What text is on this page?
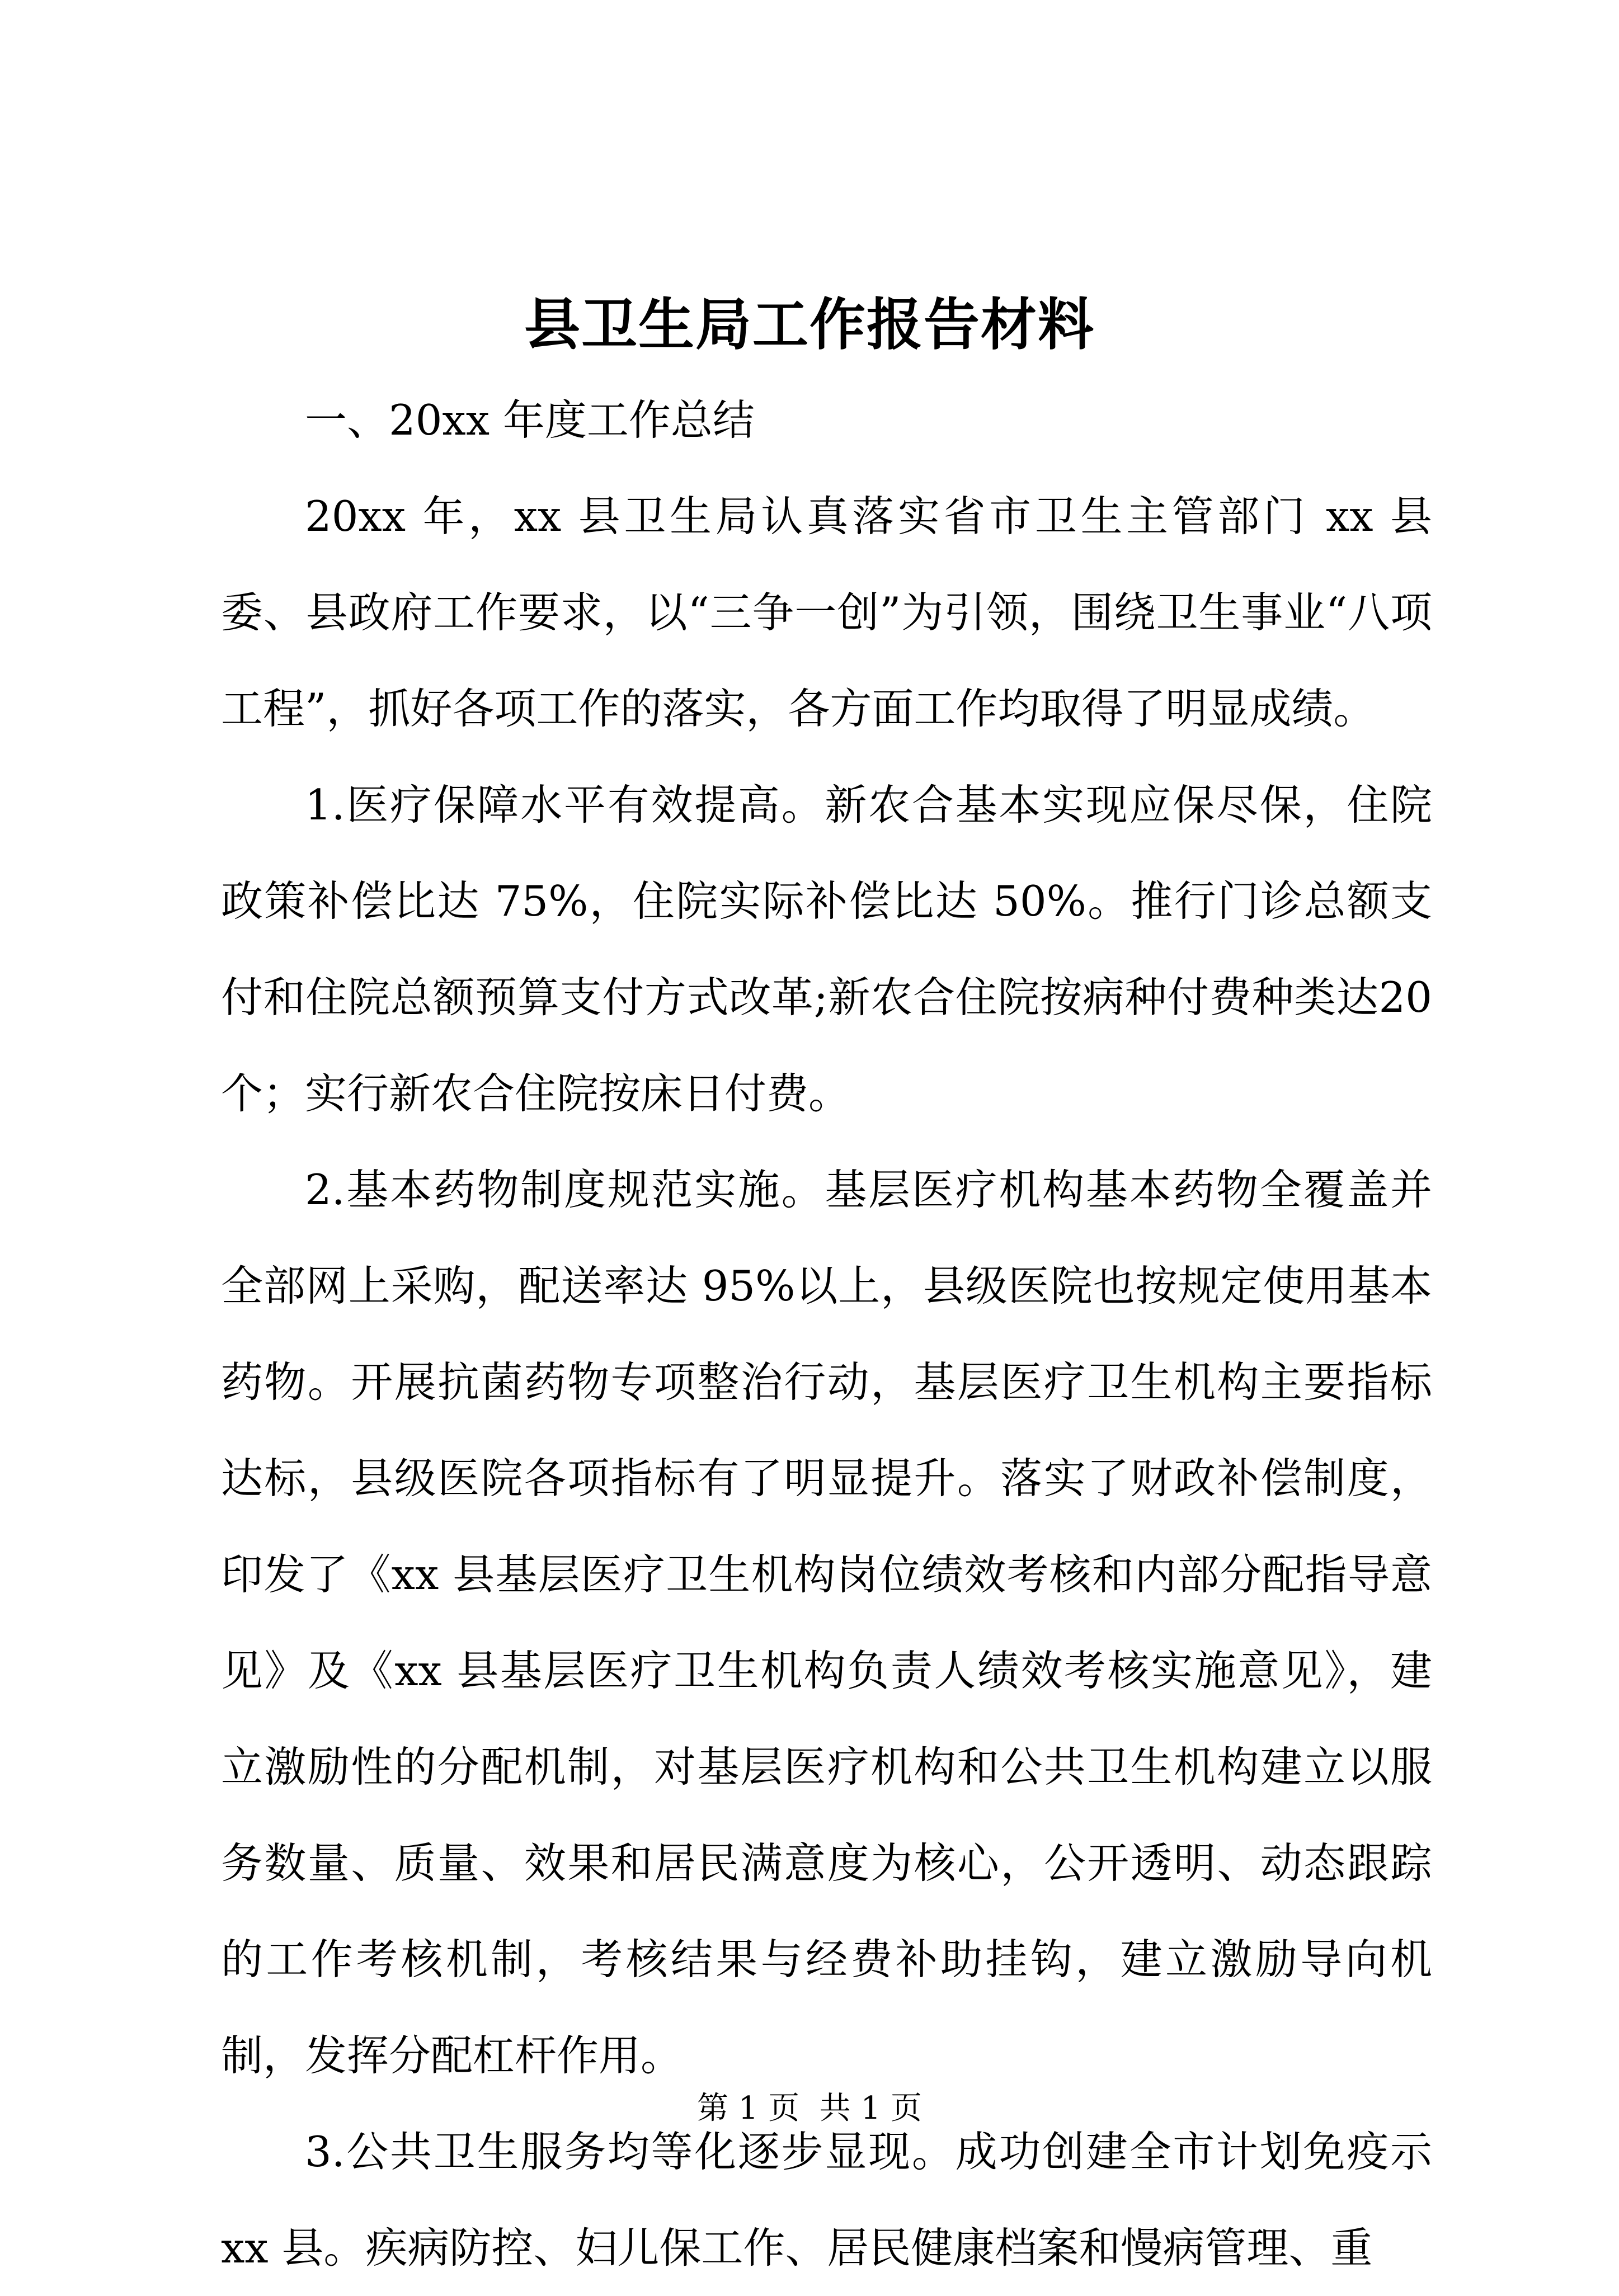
县卫生局工作报告材料

一、20xx 年度工作总结

20xx 年，xx 县卫生局认真落实省市卫生主管部门 xx 县委、县政府工作要求，以“三争一创”为引领，围绕卫生事业“八项工程”，抓好各项工作的落实，各方面工作均取得了明显成绩。

1.医疗保障水平有效提高。新农合基本实现应保尽保，住院政策补偿比达 75%，住院实际补偿比达 50%。推行门诊总额支付和住院总额预算支付方式改革;新农合住院按病种付费种类达20个；实行新农合住院按床日付费。

2.基本药物制度规范实施。基层医疗机构基本药物全覆盖并全部网上采购，配送率达 95%以上，县级医院也按规定使用基本药物。开展抗菌药物专项整治行动，基层医疗卫生机构主要指标达标，县级医院各项指标有了明显提升。落实了财政补偿制度，印发了《xx 县基层医疗卫生机构岗位绩效考核和内部分配指导意见》及《xx 县基层医疗卫生机构负责人绩效考核实施意见》，建立激励性的分配机制，对基层医疗机构和公共卫生机构建立以服务数量、质量、效果和居民满意度为核心，公开透明、动态跟踪的工作考核机制，考核结果与经费补助挂钩，建立激励导向机制，发挥分配杠杆作用。

3.公共卫生服务均等化逐步显现。成功创建全市计划免疫示 xx 县。疾病防控、妇儿保工作、居民健康档案和慢病管理、重

第 1 页  共 1 页
